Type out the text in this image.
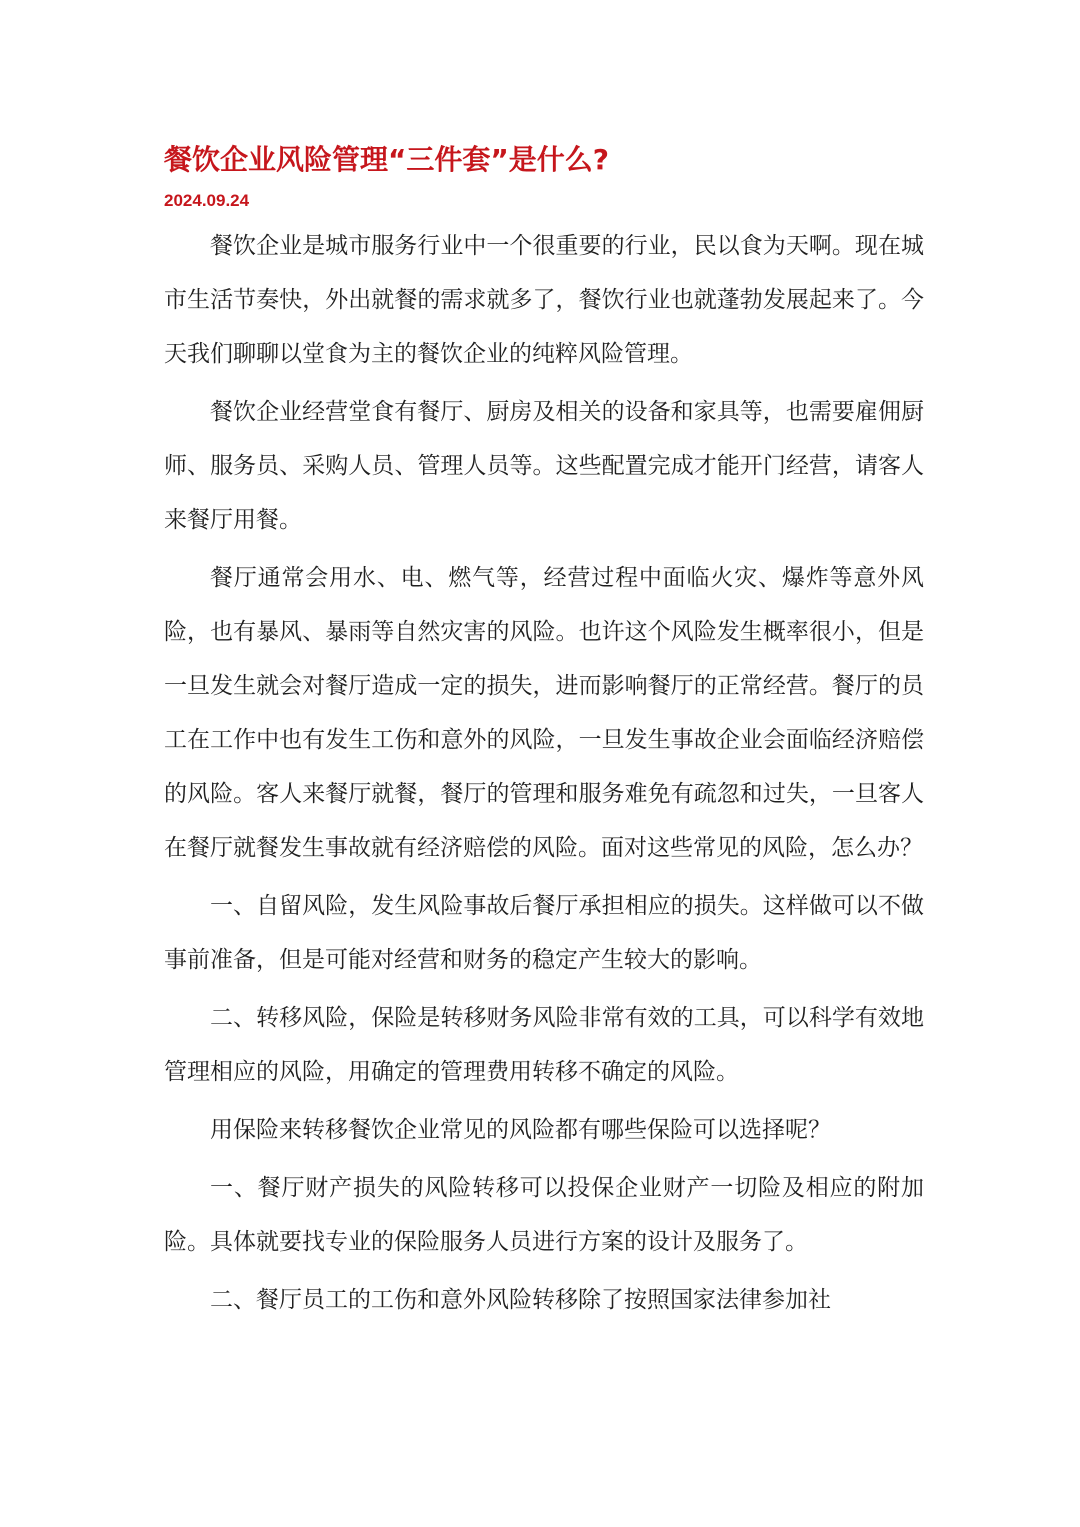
餐饮企业风险管理“三件套”是什么?
2024.09.24

餐饮企业是城市服务行业中一个很重要的行业，民以食为天啊。现在城市生活节奏快，外出就餐的需求就多了，餐饮行业也就蓬勃发展起来了。今天我们聊聊以堂食为主的餐饮企业的纯粹风险管理。

餐饮企业经营堂食有餐厅、厨房及相关的设备和家具等，也需要雇佣厨师、服务员、采购人员、管理人员等。这些配置完成才能开门经营，请客人来餐厅用餐。

餐厅通常会用水、电、燃气等，经营过程中面临火灾、爆炸等意外风险，也有暴风、暴雨等自然灾害的风险。也许这个风险发生概率很小，但是一旦发生就会对餐厅造成一定的损失，进而影响餐厅的正常经营。餐厅的员工在工作中也有发生工伤和意外的风险，一旦发生事故企业会面临经济赔偿的风险。客人来餐厅就餐，餐厅的管理和服务难免有疏忽和过失，一旦客人在餐厅就餐发生事故就有经济赔偿的风险。面对这些常见的风险，怎么办？

一、自留风险，发生风险事故后餐厅承担相应的损失。这样做可以不做事前准备，但是可能对经营和财务的稳定产生较大的影响。

二、转移风险，保险是转移财务风险非常有效的工具，可以科学有效地管理相应的风险，用确定的管理费用转移不确定的风险。

用保险来转移餐饮企业常见的风险都有哪些保险可以选择呢？

一、餐厅财产损失的风险转移可以投保企业财产一切险及相应的附加险。具体就要找专业的保险服务人员进行方案的设计及服务了。

二、餐厅员工的工伤和意外风险转移除了按照国家法律参加社
